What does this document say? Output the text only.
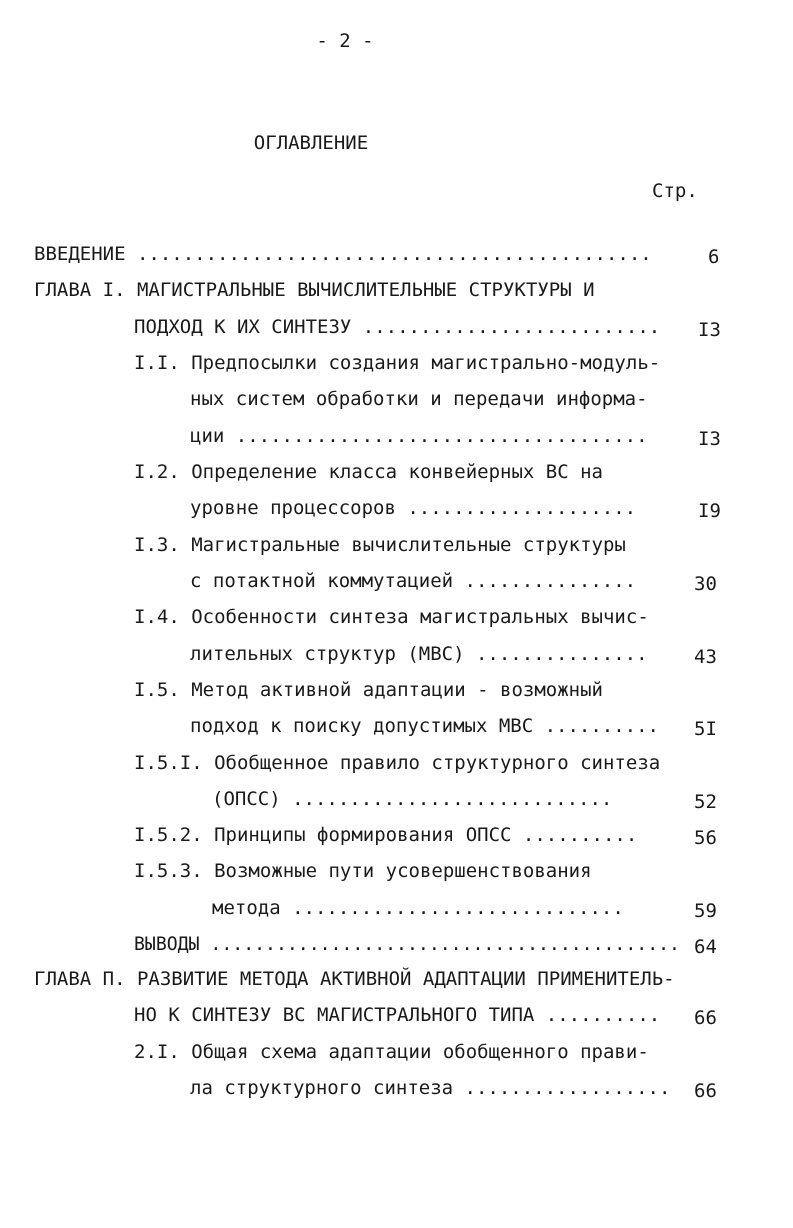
- 2 -
ОГЛАВЛЕНИЕ
Стр.
ВВЕДЕНИЕ .............................................	6
ГЛАВА I. МАГИСТРАЛЬНЫЕ ВЫЧИСЛИТЕЛЬНЫЕ СТРУКТУРЫ И
ПОДХОД К ИХ СИНТЕЗУ .......................... I3
I.I. Предпосылки создания магистрально-модуль-
ных систем обработки и передачи информа-
ции ....................................	I3
I.2. Определение класса конвейерных ВС на
уровне процессоров ....................	I9
I.3. Магистральные вычислительные структуры
с потактной коммутацией ...............	30
I.4. Особенности синтеза магистральных вычис-
лительных структур (МВС) ............... 43
I.5. Метод активной адаптации - возможный
подход к поиску допустимых МВС .......... 5I
I.5.I. Обобщенное правило структурного синтеза
(ОПСС) ............................	52
I.5.2. Принципы формирования ОПСС ..........	56
I.5.3. Возможные пути усовершенствования
метода .............................	59
ВЫВОДЫ ........................................... 64
ГЛАВА П. РАЗВИТИЕ МЕТОДА АКТИВНОЙ АДАПТАЦИИ ПРИМЕНИТЕЛЬ-
НО К СИНТЕЗУ ВС МАГИСТРАЛЬНОГО ТИПА .......... 66
2.I. Общая схема адаптации обобщенного прави-
ла структурного синтеза .................. 66
